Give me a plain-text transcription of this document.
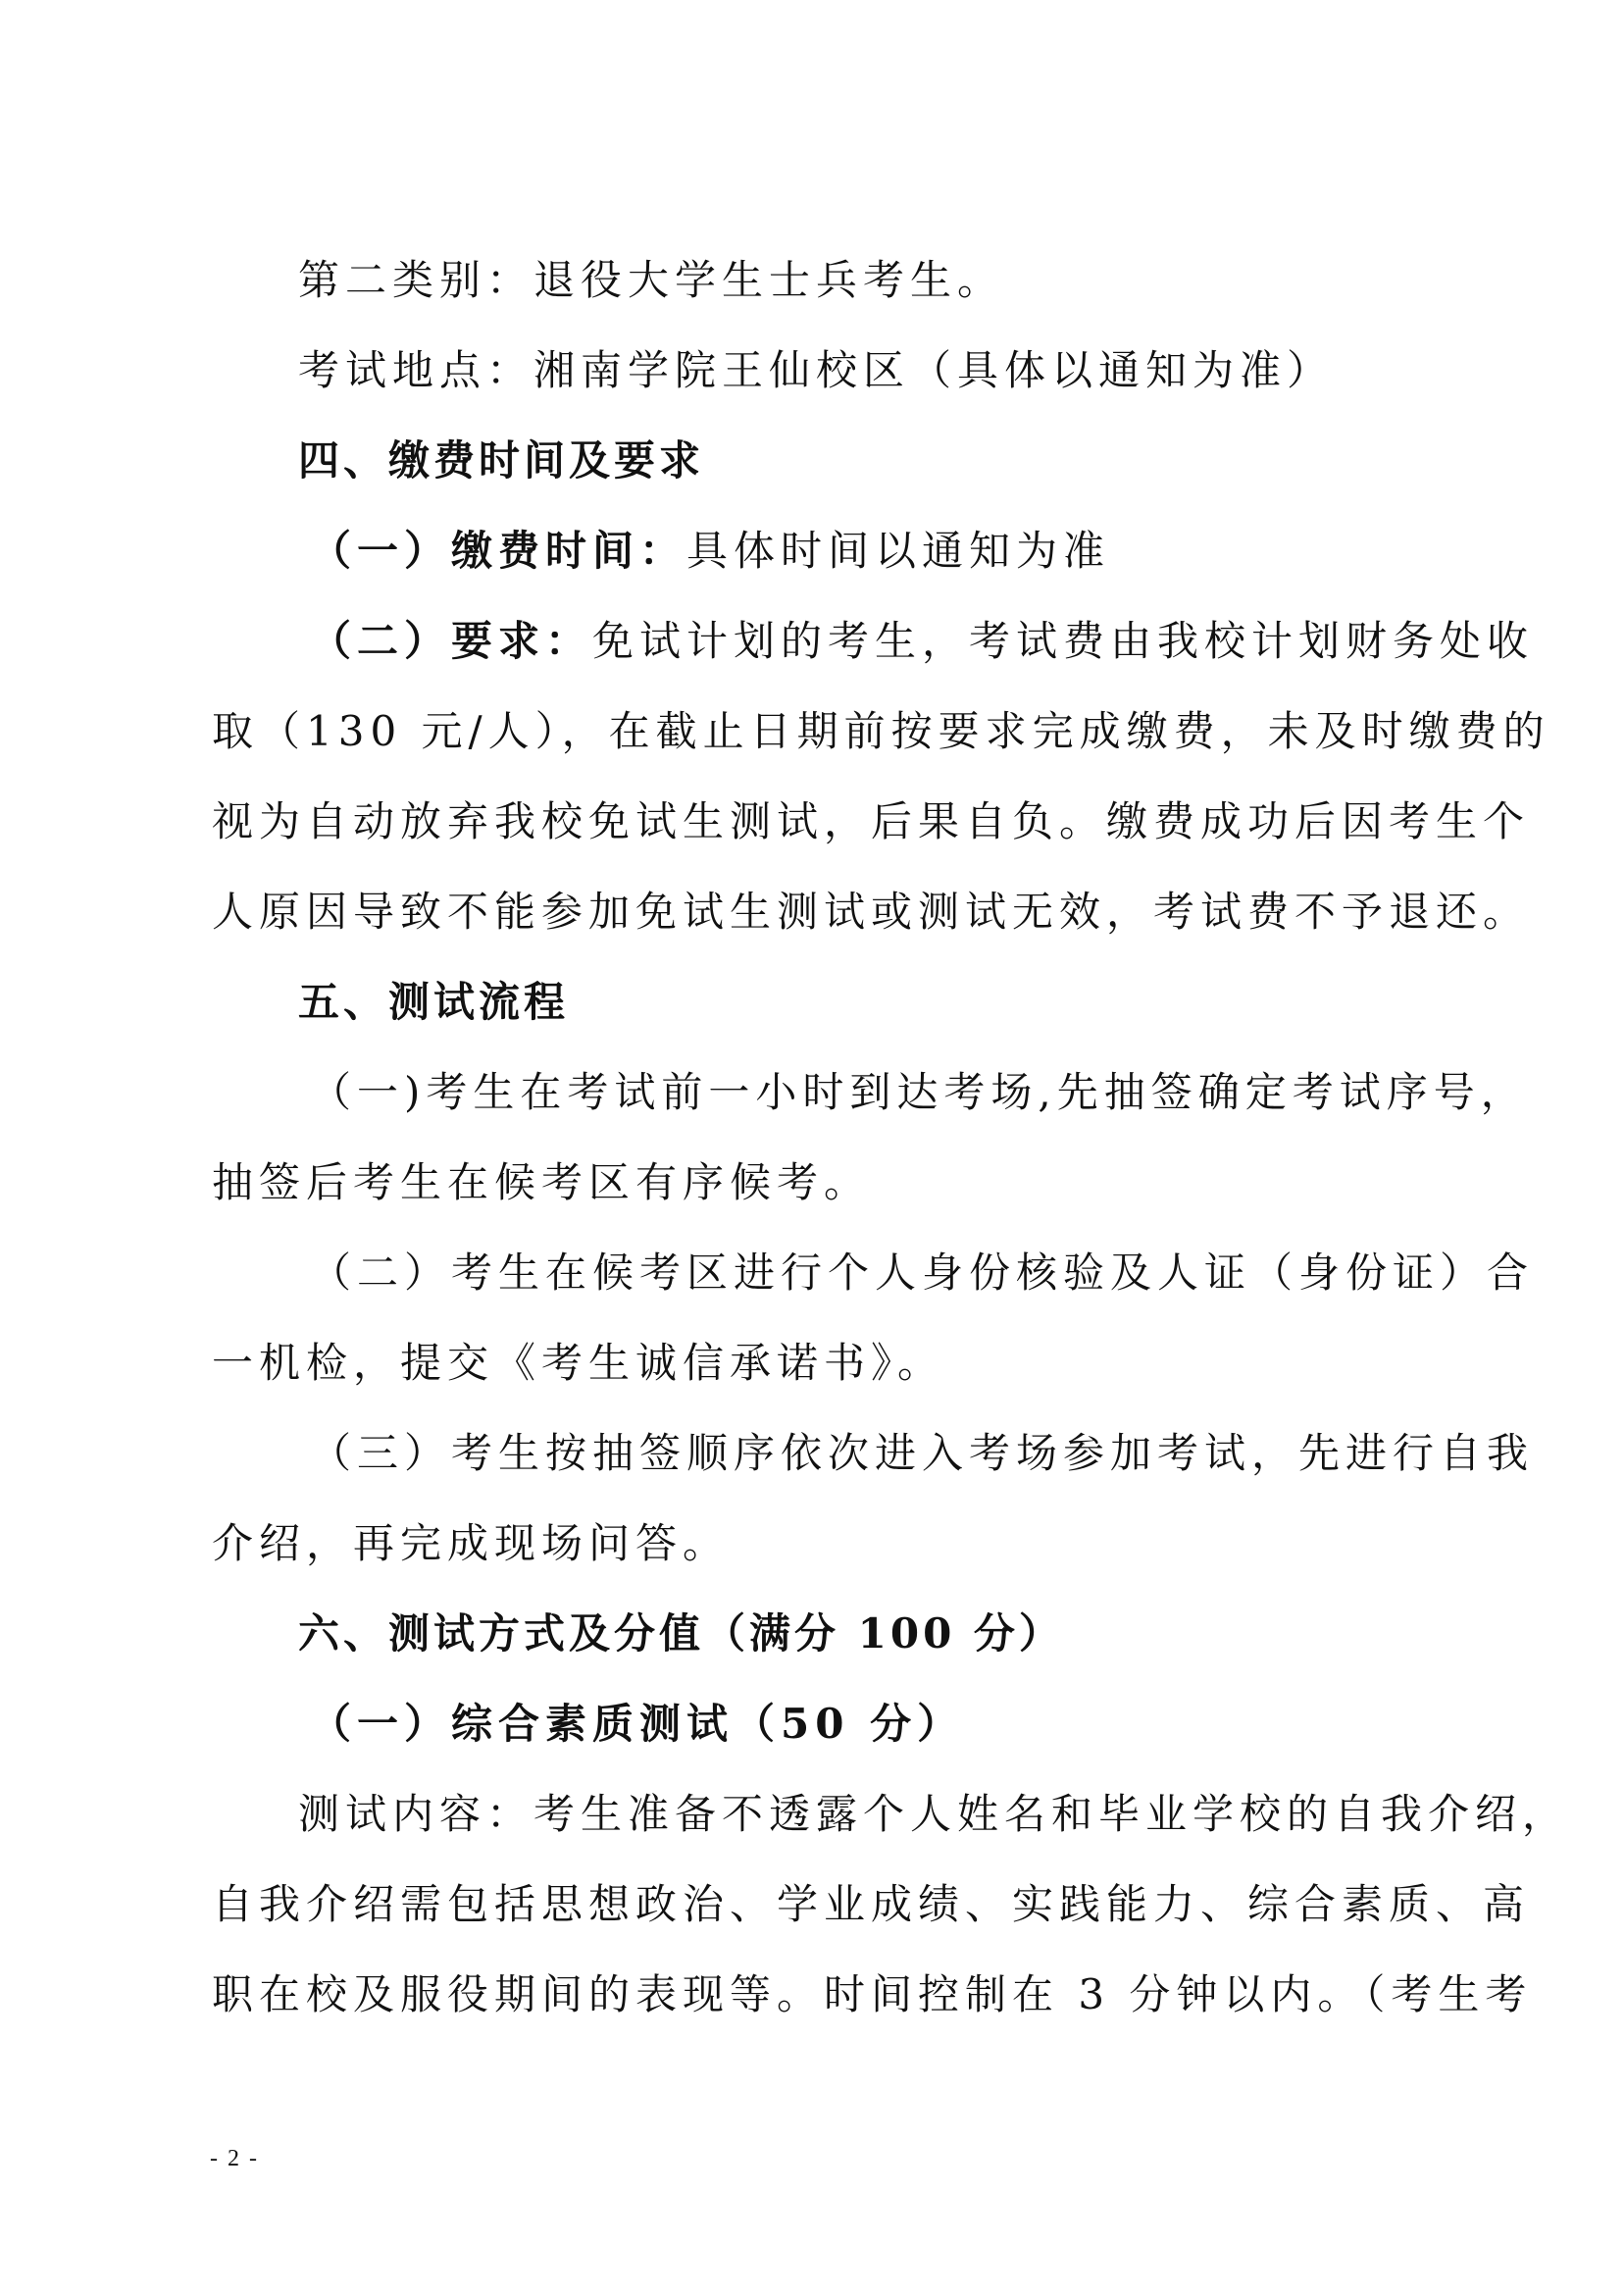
第二类别：退役大学生士兵考生。
考试地点：湘南学院王仙校区（具体以通知为准）
四、缴费时间及要求
（一）缴费时间：具体时间以通知为准
（二）要求：免试计划的考生，考试费由我校计划财务处收
取（130 元/人），在截止日期前按要求完成缴费，未及时缴费的
视为自动放弃我校免试生测试，后果自负。缴费成功后因考生个
人原因导致不能参加免试生测试或测试无效，考试费不予退还。
五、测试流程
（一)考生在考试前一小时到达考场,先抽签确定考试序号，
抽签后考生在候考区有序候考。
（二）考生在候考区进行个人身份核验及人证（身份证）合
一机检，提交《考生诚信承诺书》。
（三）考生按抽签顺序依次进入考场参加考试，先进行自我
介绍，再完成现场问答。
六、测试方式及分值（满分 100 分）
（一）综合素质测试（50 分）
测试内容：考生准备不透露个人姓名和毕业学校的自我介绍，
自我介绍需包括思想政治、学业成绩、实践能力、综合素质、高
职在校及服役期间的表现等。时间控制在 3 分钟以内。（考生考
- 2 -
